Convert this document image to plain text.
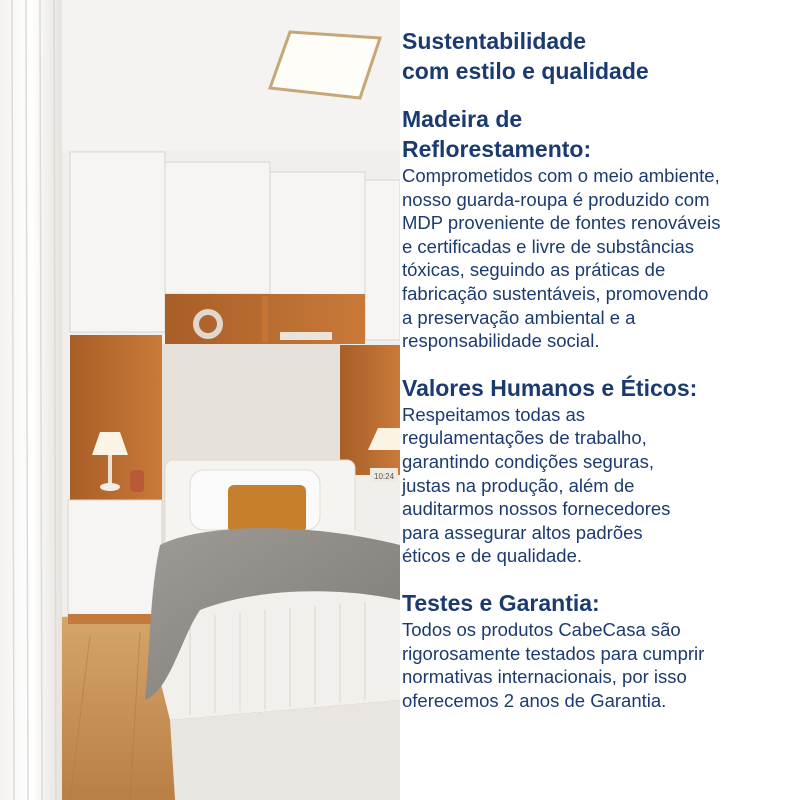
10:24

Sustentabilidade

com estilo e qualidade

Madeira de

Reflorestamento:

Comprometidos com o meio ambiente,

nosso guarda-roupa é produzido com

MDP proveniente de fontes renováveis

e certificadas e livre de substâncias

tóxicas, seguindo as práticas de

fabricação sustentáveis, promovendo

a preservação ambiental e a

responsabilidade social.

Valores Humanos e Éticos:

Respeitamos todas as

regulamentações de trabalho,

garantindo condições seguras,

justas na produção, além de

auditarmos nossos fornecedores

para assegurar altos padrões

éticos e de qualidade.

Testes e Garantia:

Todos os produtos CabeCasa são

rigorosamente testados para cumprir

normativas internacionais, por isso

oferecemos 2 anos de Garantia.
